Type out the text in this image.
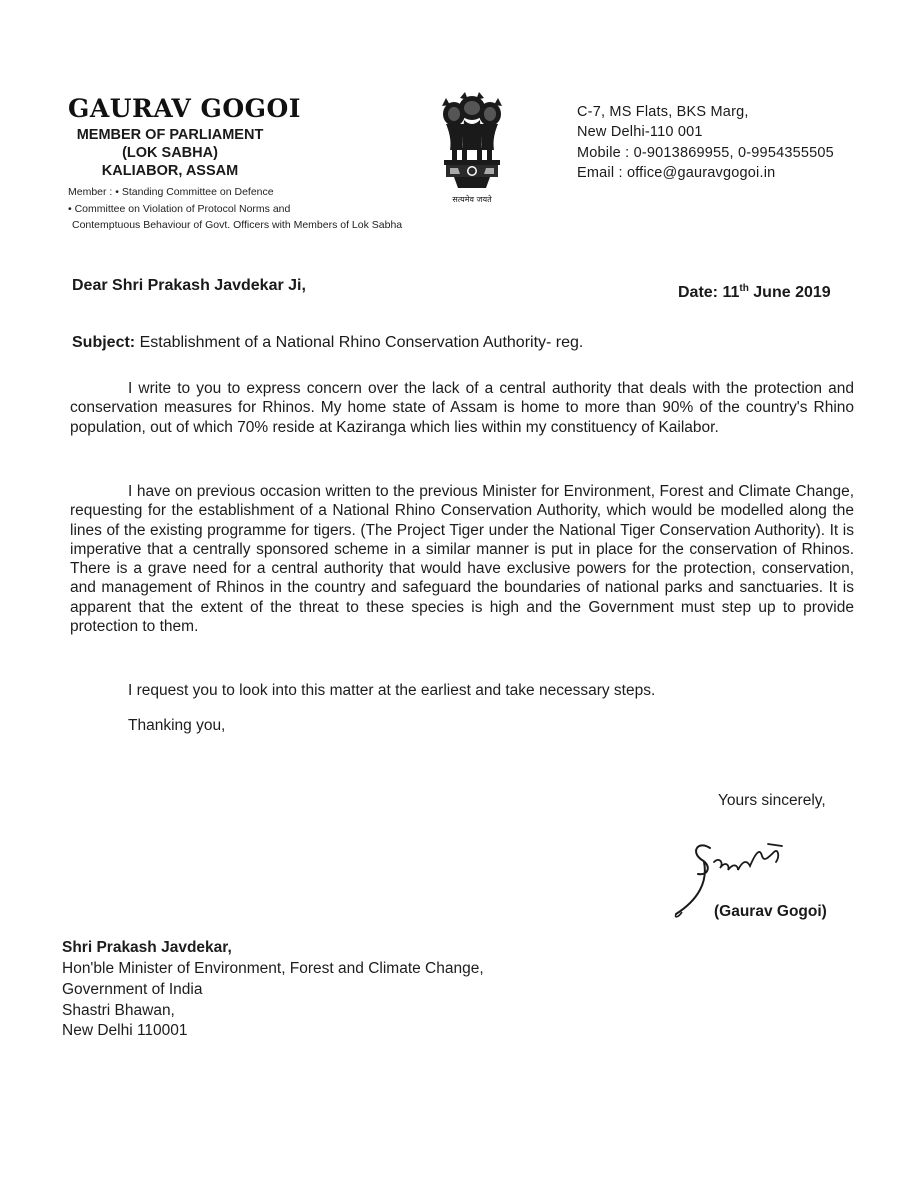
GAURAV GOGOI
MEMBER OF PARLIAMENT
(LOK SABHA)
KALIABOR, ASSAM
Member : • Standing Committee on Defence
• Committee on Violation of Protocol Norms and
Contemptuous Behaviour of Govt. Officers with Members of Lok Sabha
सत्यमेव जयते
C-7, MS Flats, BKS Marg,
New Delhi-110 001
Mobile : 0-9013869955, 0-9954355505
Email : office@gauravgogoi.in
Dear Shri Prakash Javdekar Ji,	Date: 11th June 2019
Subject: Establishment of a National Rhino Conservation Authority- reg.

I write to you to express concern over the lack of a central authority that deals with the protection and conservation measures for Rhinos. My home state of Assam is home to more than 90% of the country's Rhino population, out of which 70% reside at Kaziranga which lies within my constituency of Kailabor.

I have on previous occasion written to the previous Minister for Environment, Forest and Climate Change, requesting for the establishment of a National Rhino Conservation Authority, which would be modelled along the lines of the existing programme for tigers. (The Project Tiger under the National Tiger Conservation Authority). It is imperative that a centrally sponsored scheme in a similar manner is put in place for the conservation of Rhinos. There is a grave need for a central authority that would have exclusive powers for the protection, conservation, and management of Rhinos in the country and safeguard the boundaries of national parks and sanctuaries. It is apparent that the extent of the threat to these species is high and the Government must step up to provide protection to them.

I request you to look into this matter at the earliest and take necessary steps.

Thanking you,
Yours sincerely,
(Gaurav Gogoi)
Shri Prakash Javdekar,
Hon'ble Minister of Environment, Forest and Climate Change,
Government of India
Shastri Bhawan,
New Delhi 110001
